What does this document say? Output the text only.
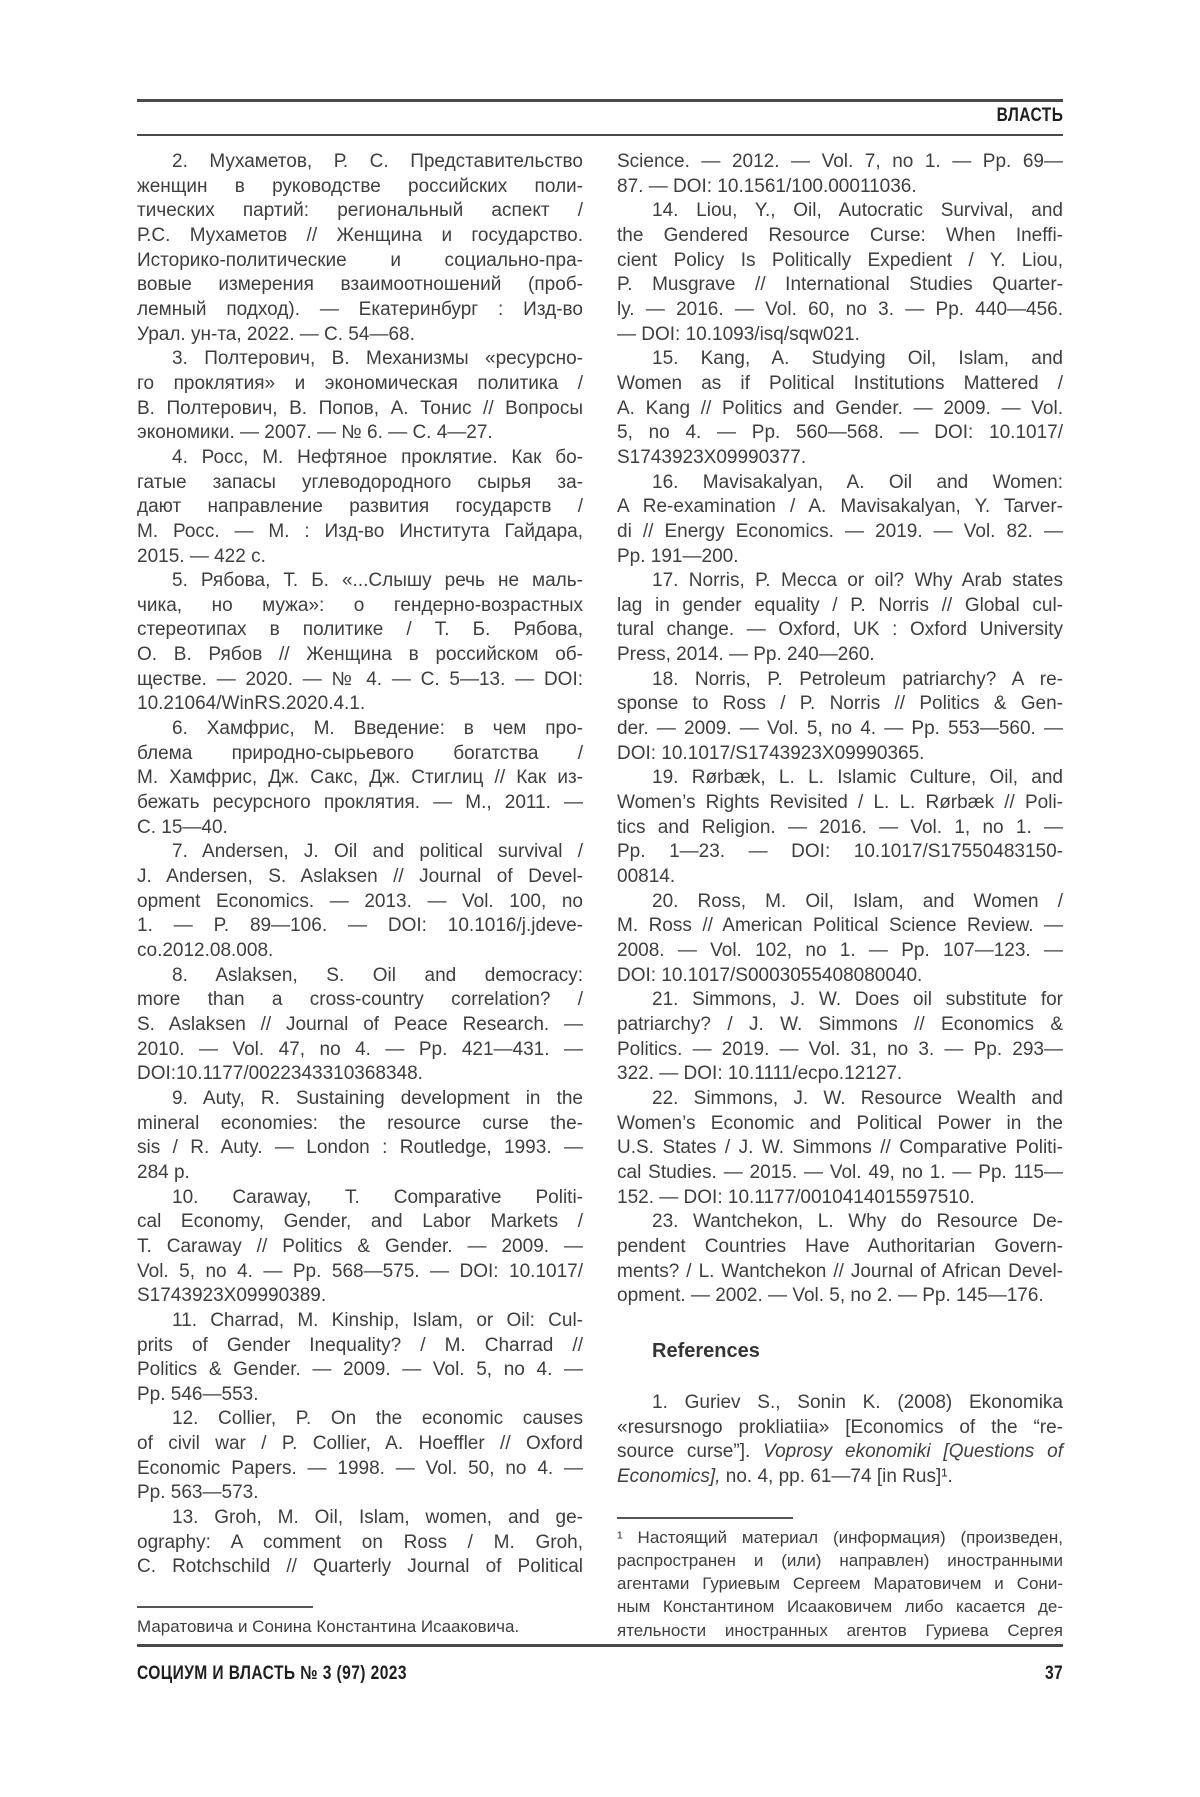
ВЛАСТЬ
2. Мухаметов, Р. С. Представительство
женщин в руководстве российских поли-
тических партий: региональный аспект /
Р.С. Мухаметов // Женщина и государство.
Историко-политические и социально-пра-
вовые измерения взаимоотношений (проб-
лемный подход). — Екатеринбург : Изд-во
Урал. ун-та, 2022. — С. 54—68.
3. Полтерович, В. Механизмы «ресурсно-
го проклятия» и экономическая политика /
В. Полтерович, В. Попов, А. Тонис // Вопросы
экономики. — 2007. — № 6. — С. 4—27.
4. Росс, М. Нефтяное проклятие. Как бо-
гатые запасы углеводородного сырья за-
дают направление развития государств /
М. Росс. — М. : Изд-во Института Гайдара,
2015. — 422 с.
5. Рябова, Т. Б. «...Слышу речь не маль-
чика, но мужа»: о гендерно-возрастных
стереотипах в политике / Т. Б. Рябова,
О. В. Рябов // Женщина в российском об-
ществе. — 2020. — № 4. — С. 5—13. — DOI:
10.21064/WinRS.2020.4.1.
6. Хамфрис, М. Введение: в чем про-
блема природно-сырьевого богатства /
М. Хамфрис, Дж. Сакс, Дж. Стиглиц // Как из-
бежать ресурсного проклятия. — М., 2011. —
С. 15—40.
7. Andersen, J. Oil and political survival /
J. Andersen, S. Aslaksen // Journal of Devel-
opment Economics. — 2013. — Vol. 100, no
1. — P. 89—106. — DOI: 10.1016/j.jdeve-
co.2012.08.008.
8. Aslaksen, S. Oil and democracy:
more than a cross-country correlation? /
S. Aslaksen // Journal of Peace Research. —
2010. — Vol. 47, no 4. — Pp. 421—431. —
DOI:10.1177/0022343310368348.
9. Auty, R. Sustaining development in the
mineral economies: the resource curse the-
sis / R. Auty. — London : Routledge, 1993. —
284 p.
10. Caraway, T. Comparative Politi-
cal Economy, Gender, and Labor Markets /
T. Caraway // Politics & Gender. — 2009. —
Vol. 5, no 4. — Pp. 568—575. — DOI: 10.1017/
S1743923X09990389.
11. Charrad, M. Kinship, Islam, or Oil: Cul-
prits of Gender Inequality? / M. Charrad //
Politics & Gender. — 2009. — Vol. 5, no 4. —
Pp. 546—553.
12. Collier, P. On the economic causes
of civil war / P. Collier, A. Hoeffler // Oxford
Economic Papers. — 1998. — Vol. 50, no 4. —
Pp. 563—573.
13. Groh, M. Oil, Islam, women, and ge-
ography: A comment on Ross / M. Groh,
C. Rotchschild // Quarterly Journal of Political
Маратовича и Сонина Константина Исааковича.
Science. — 2012. — Vol. 7, no 1. — Pp. 69—
87. — DOI: 10.1561/100.00011036.
14. Liou, Y., Oil, Autocratic Survival, and
the Gendered Resource Curse: When Ineffi-
cient Policy Is Politically Expedient / Y. Liou,
P. Musgrave // International Studies Quarter-
ly. — 2016. — Vol. 60, no 3. — Pp. 440—456.
— DOI: 10.1093/isq/sqw021.
15. Kang, A. Studying Oil, Islam, and
Women as if Political Institutions Mattered /
A. Kang // Politics and Gender. — 2009. — Vol.
5, no 4. — Pp. 560—568. — DOI: 10.1017/
S1743923X09990377.
16. Mavisakalyan, A. Oil and Women:
A Re-examination / A. Mavisakalyan, Y. Tarver-
di // Energy Economics. — 2019. — Vol. 82. —
Pp. 191—200.
17. Norris, P. Mecca or oil? Why Arab states
lag in gender equality / P. Norris // Global cul-
tural change. — Oxford, UK : Oxford University
Press, 2014. — Pp. 240—260.
18. Norris, P. Petroleum patriarchy? A re-
sponse to Ross / P. Norris // Politics & Gen-
der. — 2009. — Vol. 5, no 4. — Pp. 553—560. —
DOI: 10.1017/S1743923X09990365.
19. Rørbæk, L. L. Islamic Culture, Oil, and
Women’s Rights Revisited / L. L. Rørbæk // Poli-
tics and Religion. — 2016. — Vol. 1, no 1. —
Pp. 1—23. — DOI: 10.1017/S17550483150-
00814.
20. Ross, M. Oil, Islam, and Women /
M. Ross // American Political Science Review. —
2008. — Vol. 102, no 1. — Pp. 107—123. —
DOI: 10.1017/S0003055408080040.
21. Simmons, J. W. Does oil substitute for
patriarchy? / J. W. Simmons // Economics &
Politics. — 2019. — Vol. 31, no 3. — Pp. 293—
322. — DOI: 10.1111/ecpo.12127.
22. Simmons, J. W. Resource Wealth and
Women’s Economic and Political Power in the
U.S. States / J. W. Simmons // Comparative Politi-
cal Studies. — 2015. — Vol. 49, no 1. — Pp. 115—
152. — DOI: 10.1177/0010414015597510.
23. Wantchekon, L. Why do Resource De-
pendent Countries Have Authoritarian Govern-
ments? / L. Wantchekon // Journal of African Devel-
opment. — 2002. — Vol. 5, no 2. — Pp. 145—176.
References
1. Guriev S., Sonin K. (2008) Ekonomika
«resursnogo prokliatiia» [Economics of the “re-
source curse”]. Voprosy ekonomiki [Questions of
Economics], no. 4, pp. 61—74 [in Rus]¹.
¹ Настоящий материал (информация) (произведен,
распространен и (или) направлен) иностранными
агентами Гуриевым Сергеем Маратовичем и Сони-
ным Константином Исааковичем либо касается де-
ятельности иностранных агентов Гуриева Сергея
СОЦИУМ И ВЛАСТЬ № 3 (97) 2023	37
